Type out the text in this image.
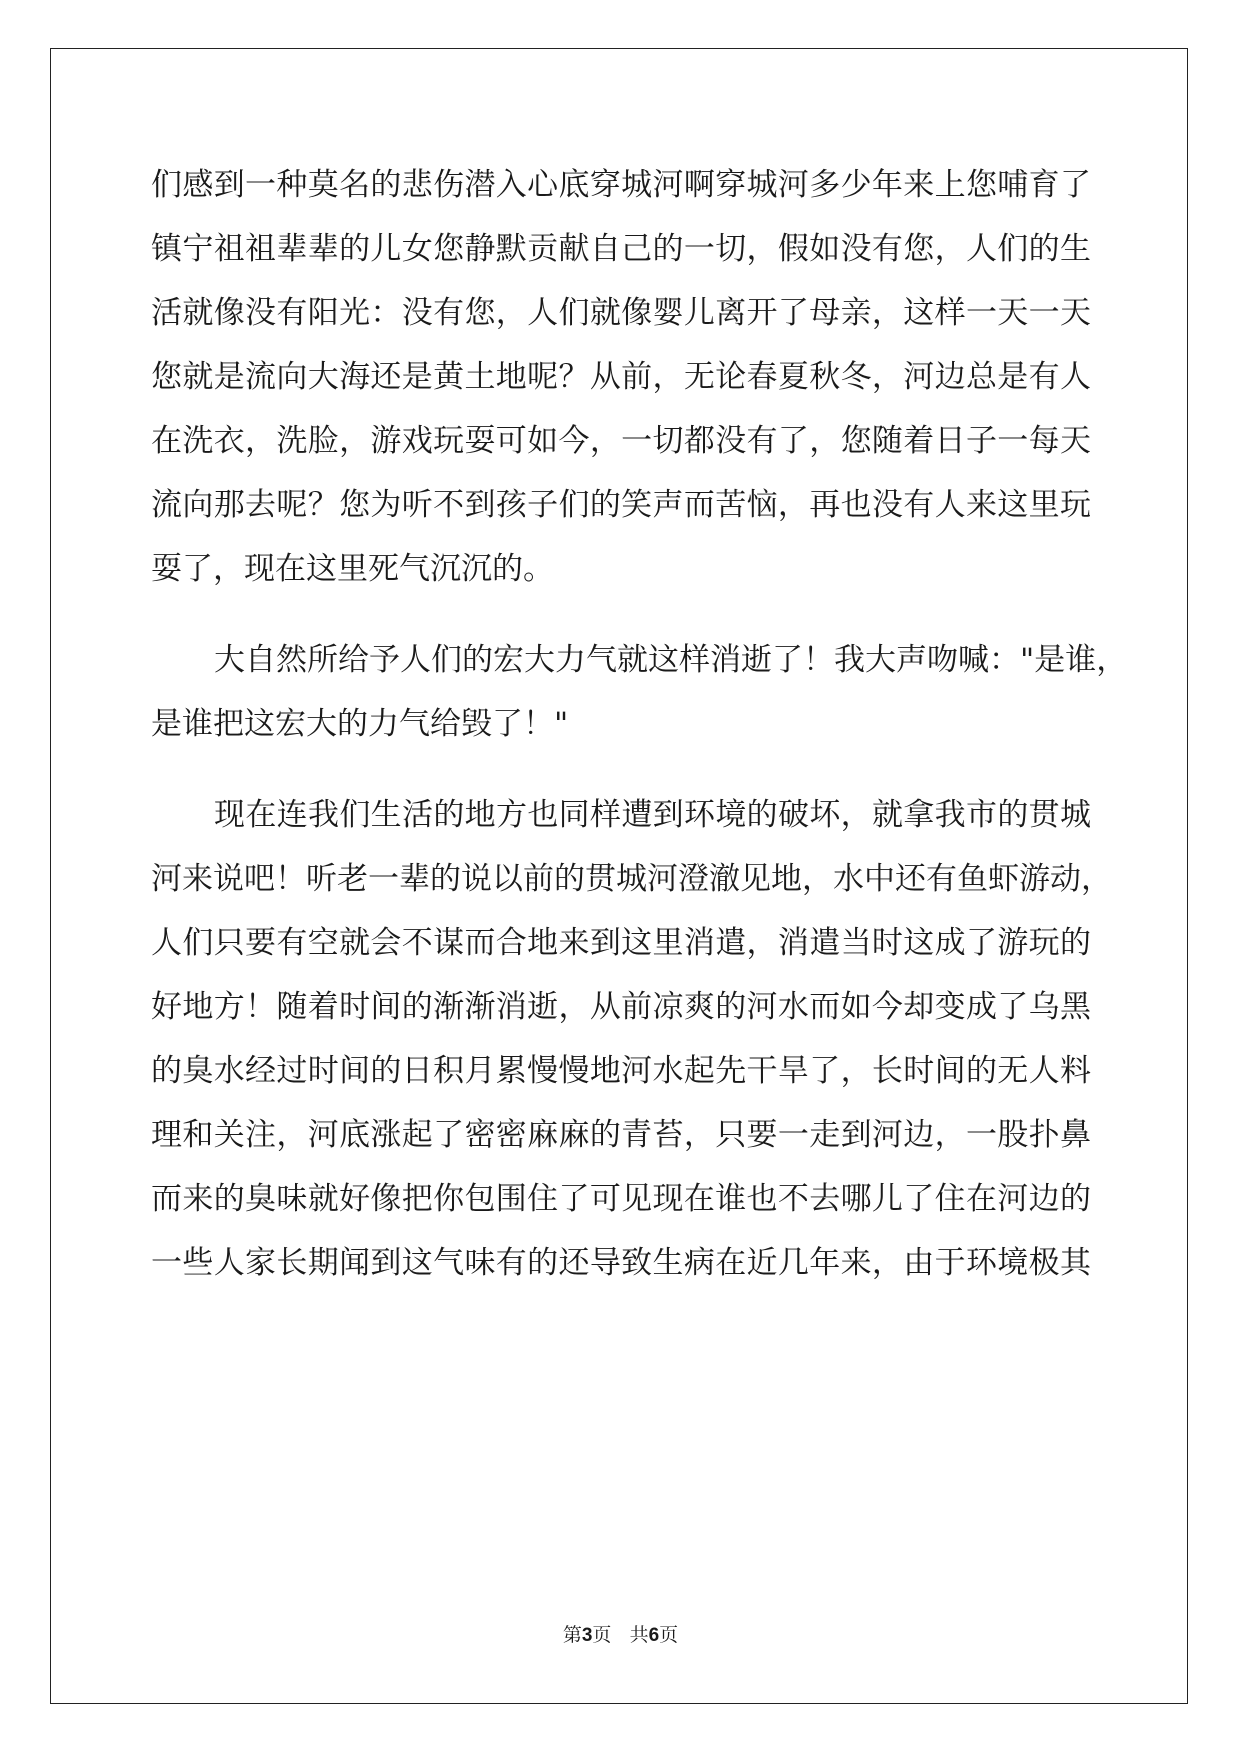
们感到一种莫名的悲伤潜入心底穿城河啊穿城河多少年来上您哺育了
镇宁祖祖辈辈的儿女您静默贡献自己的一切，假如没有您，人们的生
活就像没有阳光：没有您，人们就像婴儿离开了母亲，这样一天一天
您就是流向大海还是黄土地呢？从前，无论春夏秋冬，河边总是有人
在洗衣，洗脸，游戏玩耍可如今，一切都没有了，您随着日子一每天
流向那去呢？您为听不到孩子们的笑声而苦恼，再也没有人来这里玩
耍了，现在这里死气沉沉的。
大自然所给予人们的宏大力气就这样消逝了！我大声吻喊："是谁，
是谁把这宏大的力气给毁了！"
现在连我们生活的地方也同样遭到环境的破坏，就拿我市的贯城
河来说吧！听老一辈的说以前的贯城河澄澈见地，水中还有鱼虾游动，
人们只要有空就会不谋而合地来到这里消遣，消遣当时这成了游玩的
好地方！随着时间的渐渐消逝，从前凉爽的河水而如今却变成了乌黑
的臭水经过时间的日积月累慢慢地河水起先干旱了，长时间的无人料
理和关注，河底涨起了密密麻麻的青苔，只要一走到河边，一股扑鼻
而来的臭味就好像把你包围住了可见现在谁也不去哪儿了住在河边的
一些人家长期闻到这气味有的还导致生病在近几年来，由于环境极其
第3页 共6页
